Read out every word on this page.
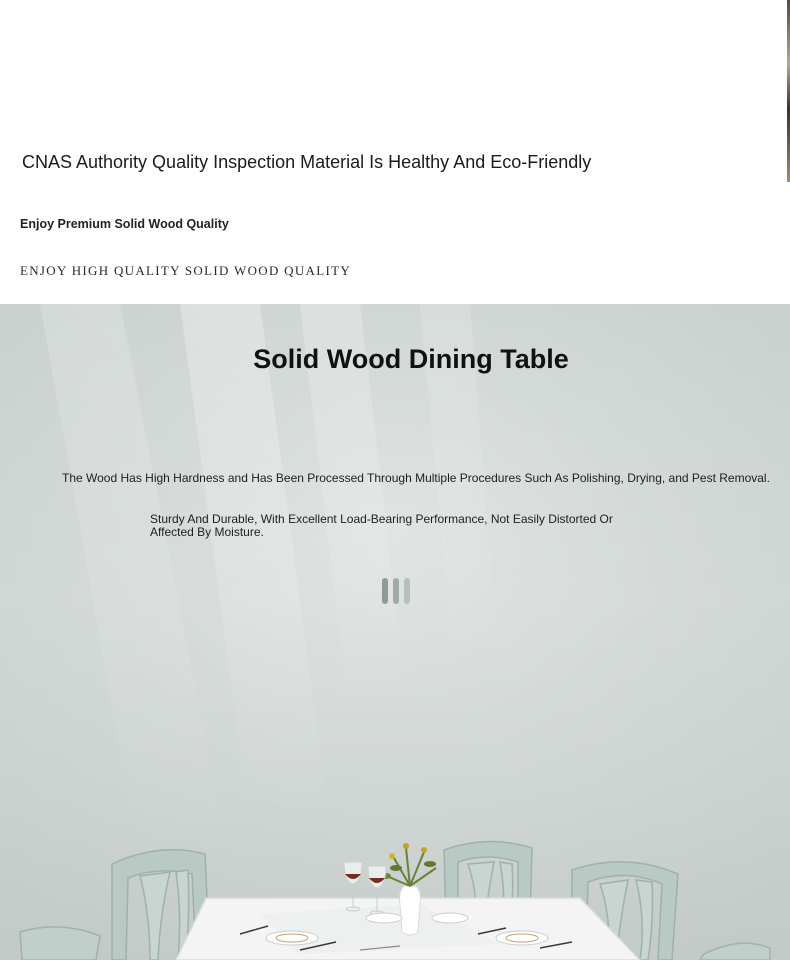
CNAS Authority Quality Inspection Material Is Healthy And Eco-Friendly

Enjoy Premium Solid Wood Quality

ENJOY HIGH QUALITY SOLID WOOD QUALITY

Solid Wood Dining Table

The Wood Has High Hardness and Has Been Processed Through Multiple Procedures Such As Polishing, Drying, and Pest Removal.

Sturdy And Durable, With Excellent Load-Bearing Performance, Not Easily Distorted Or Affected By Moisture.
